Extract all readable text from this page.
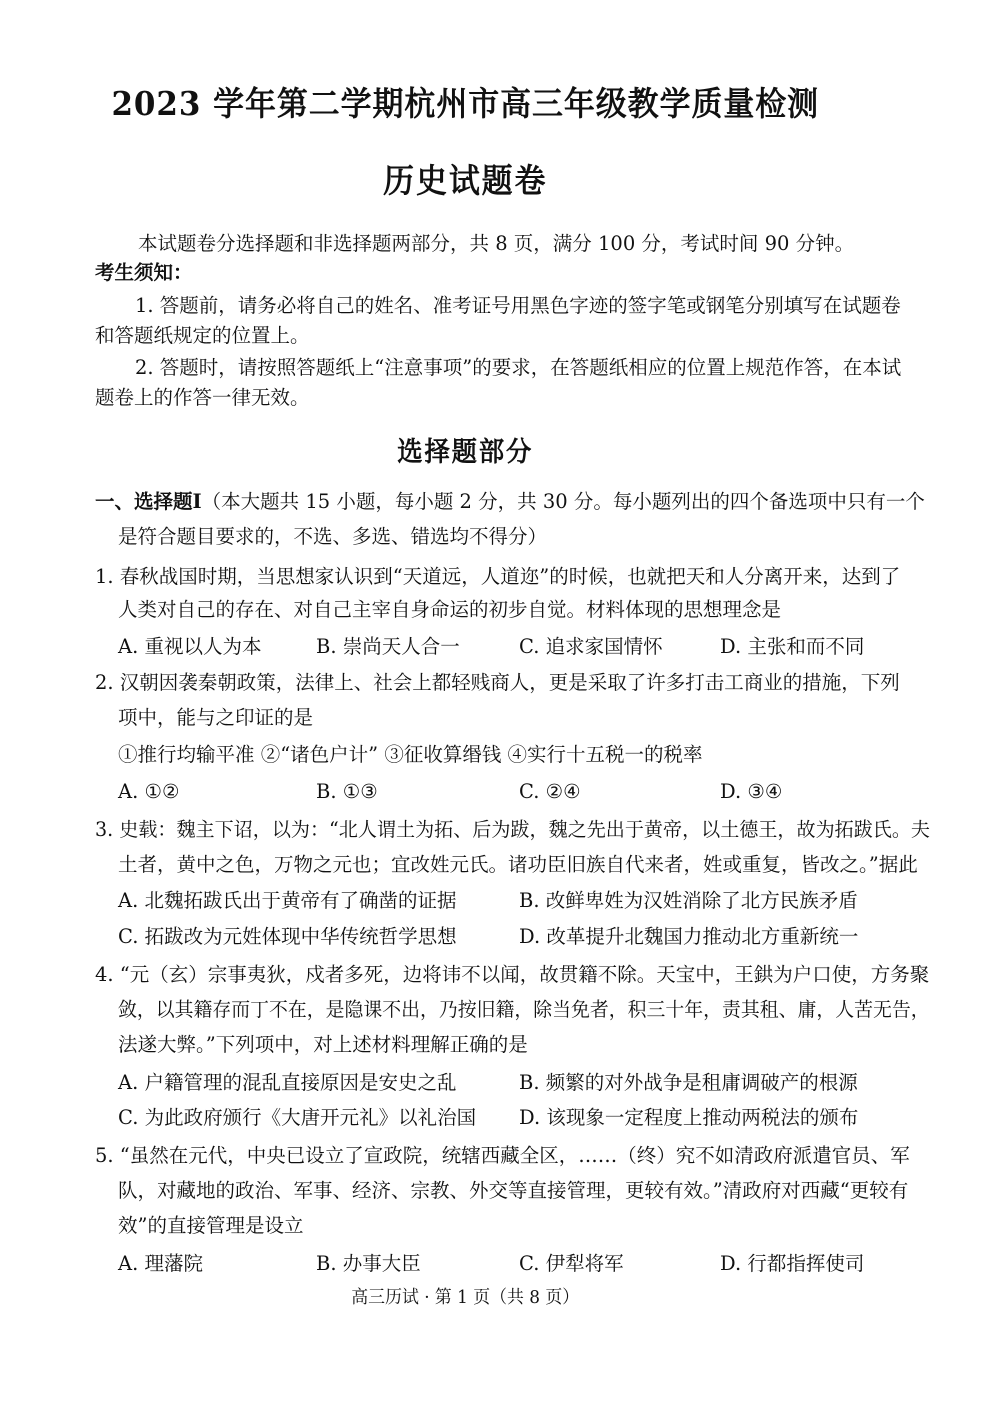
2023 学年第二学期杭州市高三年级教学质量检测
历史试题卷
本试题卷分选择题和非选择题两部分，共 8 页，满分 100 分，考试时间 90 分钟。
考生须知：
1. 答题前，请务必将自己的姓名、准考证号用黑色字迹的签字笔或钢笔分别填写在试题卷
和答题纸规定的位置上。
2. 答题时，请按照答题纸上“注意事项”的要求，在答题纸相应的位置上规范作答，在本试
题卷上的作答一律无效。
选择题部分
一、选择题Ⅰ（本大题共 15 小题，每小题 2 分，共 30 分。每小题列出的四个备选项中只有一个
是符合题目要求的，不选、多选、错选均不得分）
1. 春秋战国时期，当思想家认识到“天道远，人道迩”的时候，也就把天和人分离开来，达到了
人类对自己的存在、对自己主宰自身命运的初步自觉。材料体现的思想理念是
A. 重视以人为本	B. 崇尚天人合一	C. 追求家国情怀	D. 主张和而不同
2. 汉朝因袭秦朝政策，法律上、社会上都轻贱商人，更是采取了许多打击工商业的措施，下列
项中，能与之印证的是
①推行均输平准 ②“诸色户计” ③征收算缗钱 ④实行十五税一的税率
A. ①②	B. ①③	C. ②④	D. ③④
3. 史载：魏主下诏，以为：“北人谓土为拓、后为跋，魏之先出于黄帝，以土德王，故为拓跋氏。夫
土者，黄中之色，万物之元也；宜改姓元氏。诸功臣旧族自代来者，姓或重复，皆改之。”据此
A. 北魏拓跋氏出于黄帝有了确凿的证据	B. 改鲜卑姓为汉姓消除了北方民族矛盾
C. 拓跋改为元姓体现中华传统哲学思想	D. 改革提升北魏国力推动北方重新统一
4. “元（玄）宗事夷狄，戍者多死，边将讳不以闻，故贯籍不除。天宝中，王鉷为户口使，方务聚
敛，以其籍存而丁不在，是隐课不出，乃按旧籍，除当免者，积三十年，责其租、庸，人苦无告，
法遂大弊。”下列项中，对上述材料理解正确的是
A. 户籍管理的混乱直接原因是安史之乱	B. 频繁的对外战争是租庸调破产的根源
C. 为此政府颁行《大唐开元礼》以礼治国 D. 该现象一定程度上推动两税法的颁布
5. “虽然在元代，中央已设立了宣政院，统辖西藏全区，……（终）究不如清政府派遣官员、军
队，对藏地的政治、军事、经济、宗教、外交等直接管理，更较有效。”清政府对西藏“更较有
效”的直接管理是设立
A. 理藩院	B. 办事大臣	C. 伊犁将军	D. 行都指挥使司
高三历试 · 第 1 页（共 8 页）
